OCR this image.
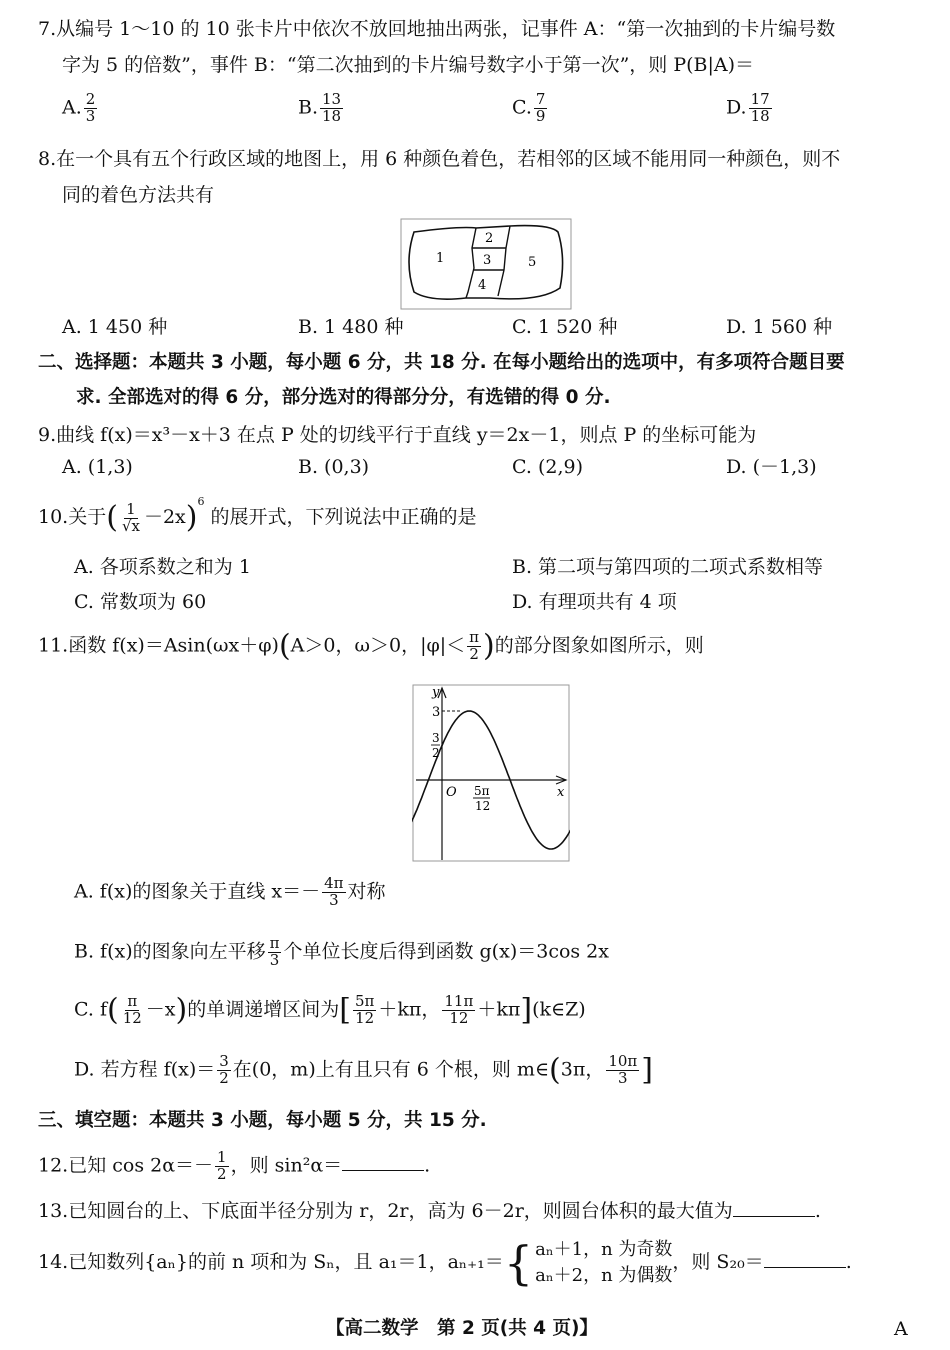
7.从编号 1～10 的 10 张卡片中依次不放回地抽出两张，记事件 A：“第一次抽到的卡片编号数
字为 5 的倍数”，事件 B：“第二次抽到的卡片编号数字小于第一次”，则 P(B|A)＝
A. $\frac{2}{3}$	B. $\frac{13}{18}$	C. $\frac{7}{9}$	D. $\frac{17}{18}$
8.在一个具有五个行政区域的地图上，用 6 种颜色着色，若相邻的区域不能用同一种颜色，则不
同的着色方法共有
1
2
3
4
5
A. 1 450 种	B. 1 480 种	C. 1 520 种	D. 1 560 种
二、选择题：本题共 3 小题，每小题 6 分，共 18 分. 在每小题给出的选项中，有多项符合题目要
求. 全部选对的得 6 分，部分选对的得部分分，有选错的得 0 分.
9.曲线 f(x)＝x³－x＋3 在点 P 处的切线平行于直线 y＝2x－1，则点 P 的坐标可能为
A. (1,3)	B. (0,3)	C. (2,9)	D. (－1,3)
10.关于( $\frac{1}{√x} -2x)^6$ 的展开式，下列说法中正确的是
A. 各项系数之和为 1	B. 第二项与第四项的二项式系数相等
C. 常数项为 60	D. 有理项共有 4 项
11.函数 f(x)＝Asin(ωx＋φ)(A＞0，ω＞0，$|\varphi|< \frac{\pi}{2}$ )的部分图象如图所示，则
y
x
O
3
3
2
5π
12
A. f(x)的图象关于直线 $x=- \frac{4\pi}{3}$ 对称
B. f(x)的图象向左平移 $\frac{\pi}{3}$ 个单位长度后得到函数 g(x)＝3cos 2x
C. $f( \frac{\pi}{12} -x)$的单调递增区间为[ $\frac{5\pi}{12} +k\pi$， $\frac{11\pi}{12}$ ＋kπ](k∈Z)
D. 若方程 $f(x)= \frac{3}{2}$ 在(0，m)上有且只有 6 个根，则 m∈(3π， $\frac{10\pi}{3}$ ]
三、填空题：本题共 3 小题，每小题 5 分，共 15 分.
12.已知 $\cos 2\alpha=- \frac{1}{2}$ ，则 sin²α＝	.
13.已知圆台的上、下底面半径分别为 r，2r，高为 6－2r，则圆台体积的最大值为	.
14.已知数列{aₙ}的前 n 项和为 Sₙ，且 a₁＝1，aₙ₊₁＝ { aₙ＋1，n 为奇数
aₙ＋2，n 为偶数
，则 S₂₀＝	.
【高二数学　第 2 页(共 4 页)】	A
